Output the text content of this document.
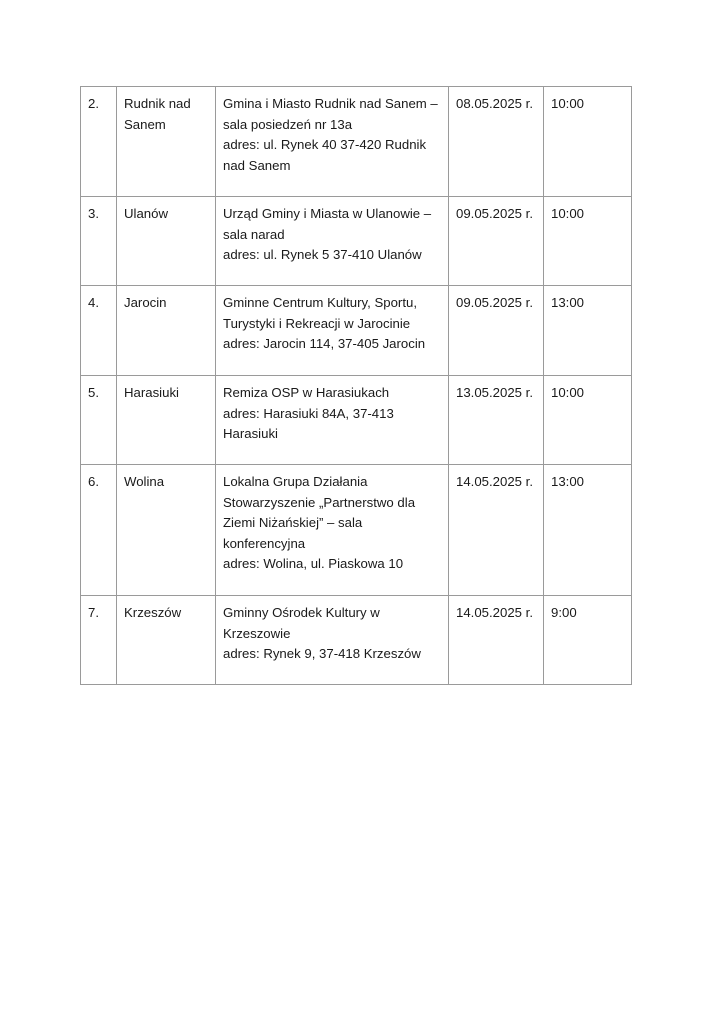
2.	Rudnik nad Sanem	Gmina i Miasto Rudnik nad Sanem –
sala posiedzeń nr 13a
adres: ul. Rynek 40 37-420 Rudnik
nad Sanem	08.05.2025 r.	10:00
3.	Ulanów	Urząd Gminy i Miasta w Ulanowie –
sala narad
adres: ul. Rynek 5 37-410 Ulanów	09.05.2025 r.	10:00
4.	Jarocin	Gminne Centrum Kultury, Sportu,
Turystyki i Rekreacji w Jarocinie
adres: Jarocin 114, 37-405 Jarocin	09.05.2025 r.	13:00
5.	Harasiuki	Remiza OSP w Harasiukach
adres: Harasiuki 84A, 37-413
Harasiuki	13.05.2025 r.	10:00
6.	Wolina	Lokalna Grupa Działania
Stowarzyszenie „Partnerstwo dla
Ziemi Niżańskiej” – sala
konferencyjna
adres: Wolina, ul. Piaskowa 10	14.05.2025 r.	13:00
7.	Krzeszów	Gminny Ośrodek Kultury w
Krzeszowie
adres: Rynek 9, 37-418 Krzeszów	14.05.2025 r.	9:00
